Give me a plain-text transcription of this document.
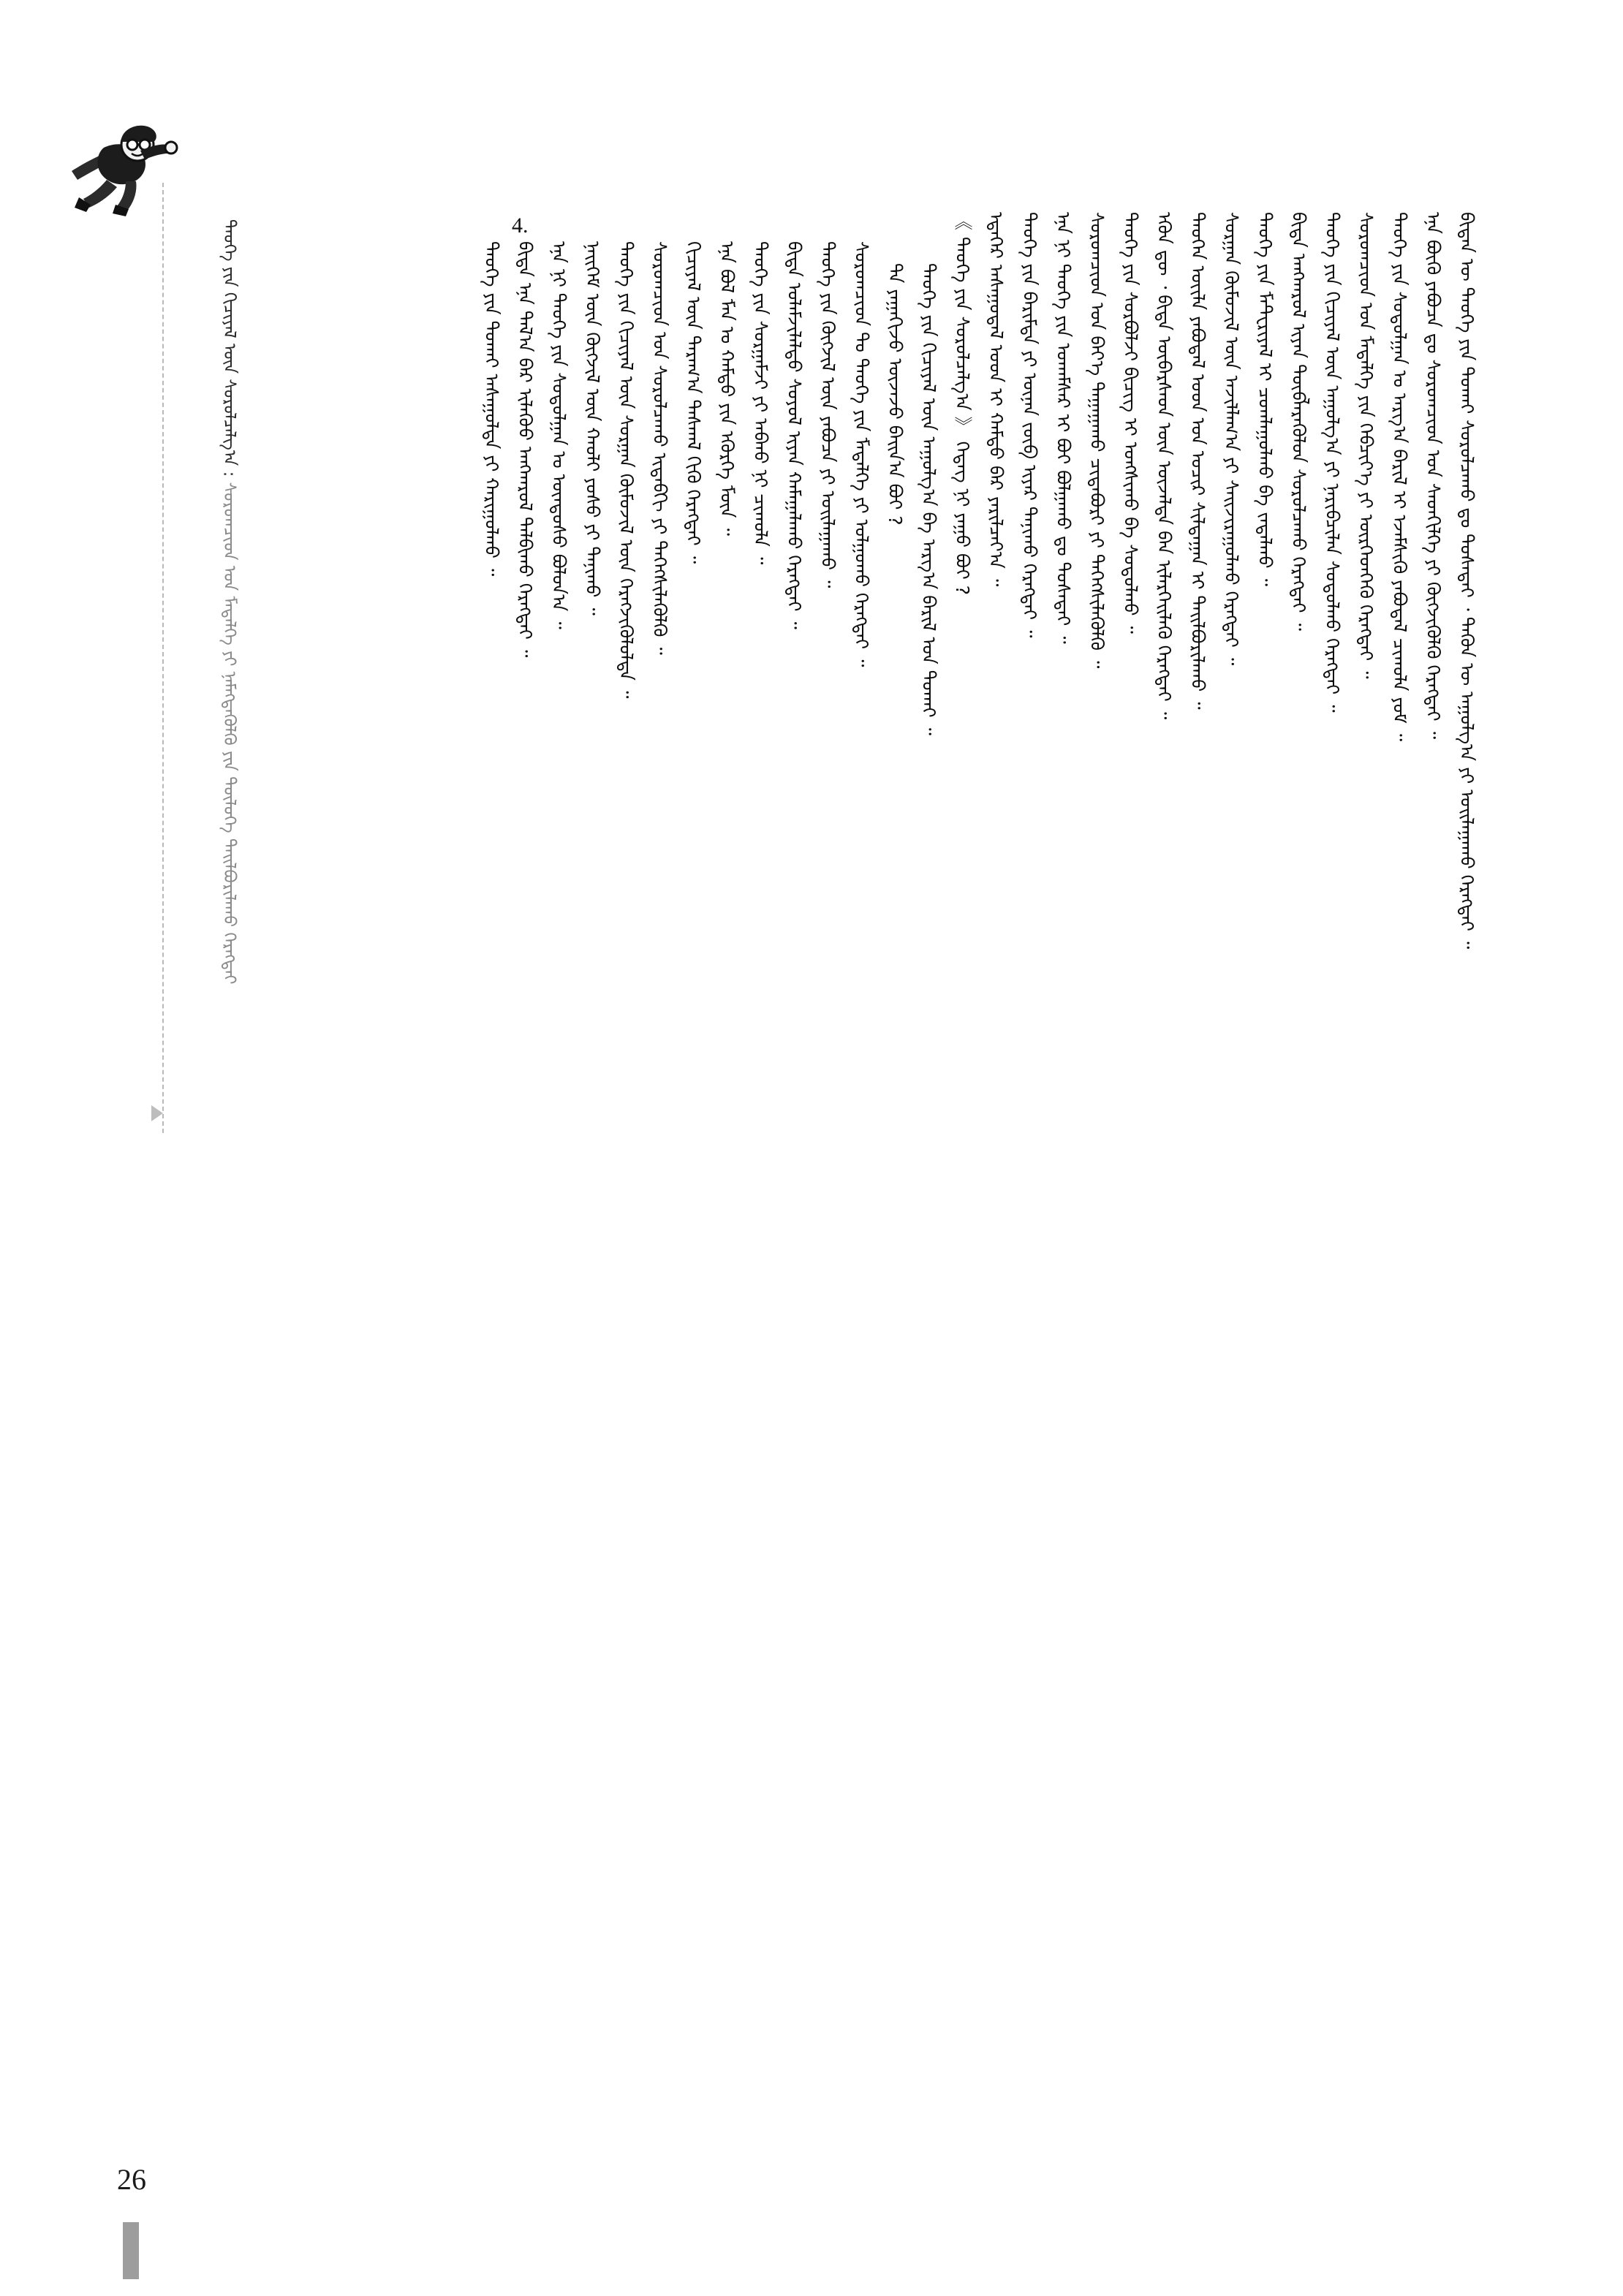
ᠲᠡᠦᠬᠡ ᠶᠢᠨ ᠬᠢᠴᠢᠶᠡᠯ ᠦᠨ ᠰᠤᠷᠤᠯᠴᠠᠯᠭ᠎ᠠ : ᠰᠤᠷᠤᠭᠴᠢᠳ ᠤᠨ ᠮᠡᠳᠡᠯᠭᠡ ᠶᠢ ᠨᠡᠮᠡᠭᠳᠡᠭᠦᠯᠬᠦ ᠶᠢᠨ ᠲᠥᠯᠥᠭᠡ ᠲᠠᠢᠯᠪᠤᠷᠢᠯᠠᠬᠤ ᠬᠡᠷᠡᠭᠲᠡᠢ
4.	ᠪᠢᠳᠡᠨ ᠦ ᠲᠡᠦᠬᠡ ᠶᠢᠨ ᠲᠤᠬᠠᠢ ᠰᠤᠷᠤᠯᠴᠠᠬᠤ ᠳᠤ ᠲᠤᠰᠠᠲᠠᠢ ᠂ ᠲᠡᠭᠦᠨ ᠦ ᠠᠭᠤᠯᠭ᠎ᠠ ᠶᠢ ᠤᠢᠯᠠᠭᠠᠬᠤ ᠬᠡᠷᠡᠭᠲᠡᠢ ᠃
ᠡᠨᠡ ᠪᠦᠬᠦ ᠶᠠᠪᠤᠴᠠ ᠳᠤ ᠰᠤᠷᠤᠭᠴᠢᠳ ᠤᠨ ᠰᠡᠳᠬᠢᠯᠭᠡ ᠶᠢ ᠬᠥᠭᠵᠢᠭᠦᠯᠬᠦ ᠬᠡᠷᠡᠭᠲᠡᠢ ᠃
ᠲᠡᠦᠬᠡ ᠶᠢᠨ ᠰᠤᠳᠤᠯᠭᠠᠨ ᠤ ᠠᠷᠭ᠎ᠠ ᠪᠠᠷᠢᠯ ᠢ ᠡᠵᠡᠮᠰᠢᠬᠦ ᠶᠠᠪᠤᠳᠠᠯ ᠴᠢᠬᠤᠯᠠ ᠶᠤᠮ ᠃
ᠰᠤᠷᠤᠭᠴᠢᠳ ᠤᠨ ᠮᠡᠳᠡᠯᠭᠡ ᠶᠢᠨ ᠬᠡᠪᠴᠢᠶ᠎ᠡ ᠶᠢ ᠥᠷᠭᠡᠳᠬᠡᠬᠦ ᠬᠡᠷᠡᠭᠲᠡᠢ ᠃
ᠲᠡᠦᠬᠡ ᠶᠢᠨ ᠬᠢᠴᠢᠶᠡᠯ ᠦᠨ ᠠᠭᠤᠯᠭ᠎ᠠ ᠶᠢ ᠨᠠᠷᠢᠪᠴᠢᠯᠠᠨ ᠰᠤᠳᠤᠯᠬᠤ ᠬᠡᠷᠡᠭᠲᠡᠢ ᠃
ᠪᠢᠳᠡ ᠠᠩᠬᠠᠷᠤᠯ ᠢᠶᠠᠨ ᠲᠥᠪᠯᠡᠷᠡᠭᠦᠯᠦᠨ ᠰᠤᠷᠤᠯᠴᠠᠬᠤ ᠬᠡᠷᠡᠭᠲᠡᠢ ᠃
ᠲᠡᠦᠬᠡ ᠶᠢᠨ ᠮᠠᠲ᠋ᠧᠷᠢᠶᠠᠯ ᠢ ᠴᠤᠭᠯᠠᠭᠤᠯᠬᠤ ᠪᠠ ᠵᠠᠳᠠᠯᠬᠤ ᠃
ᠰᠤᠷᠭᠠᠨ ᠬᠥᠮᠦᠵᠢᠯ ᠦᠨ ᠠᠵᠢᠯᠯᠠᠭ᠎ᠠ ᠶᠢ ᠰᠠᠢᠵᠢᠷᠠᠭᠤᠯᠬᠤ ᠬᠡᠷᠡᠭᠲᠡᠢ ᠃
ᠲᠡᠦᠬᠡᠨ ᠦᠢᠯᠡ ᠶᠠᠪᠤᠳᠠᠯ ᠤᠳ ᠤᠨ ᠤᠴᠢᠷ ᠰᠢᠯᠲᠠᠭᠠᠨ ᠢ ᠲᠠᠢᠯᠪᠤᠷᠢᠯᠠᠬᠤ ᠃
ᠡᠭᠦᠨ ᠳᠦ ᠂ ᠪᠢᠳᠡ ᠥᠪᠡᠷᠰᠡᠳ ᠦᠨ ᠦᠵᠡᠯᠲᠡ ᠪᠡᠨ ᠢᠯᠡᠷᠬᠡᠢᠯᠡᠬᠦ ᠬᠡᠷᠡᠭᠲᠡᠢ ᠃
ᠲᠡᠦᠬᠡ ᠶᠢᠨ ᠰᠤᠷᠪᠤᠯᠵᠢ ᠪᠢᠴᠢᠭ ᠢ ᠤᠩᠰᠢᠬᠤ ᠪᠠ ᠰᠤᠳᠤᠯᠬᠤ ᠃
ᠰᠤᠷᠤᠭᠴᠢᠳ ᠤᠨ ᠪᠡᠶ᠎ᠡ ᠳᠠᠭᠠᠭᠠᠬᠤ ᠴᠢᠳᠠᠪᠤᠷᠢ ᠶᠢ ᠳᠡᠭᠡᠭᠰᠢᠯᠡᠭᠦᠯᠬᠦ ᠃
ᠡᠨᠡ ᠨᠢ ᠲᠡᠦᠬᠡ ᠶᠢᠨ ᠤᠬᠠᠮᠰᠠᠷ ᠢ ᠪᠤᠢ ᠪᠣᠯᠭᠠᠬᠤ ᠳᠤ ᠲᠤᠰᠠᠲᠠᠢ ᠃
ᠲᠡᠦᠬᠡ ᠶᠢᠨ ᠪᠠᠷᠢᠮᠲᠠ ᠶᠢ ᠦᠨᠡᠨ ᠵᠥᠪ ᠢᠶᠡᠷ ᠲᠠᠨᠢᠬᠤ ᠬᠡᠷᠡᠭᠲᠡᠢ ᠃
ᠡᠳᠡᠭᠡᠷ ᠠᠰᠠᠭᠤᠳᠠᠯ ᠤᠳ ᠢ ᠬᠠᠮᠲᠤ ᠪᠠᠷ ᠶᠠᠷᠢᠯᠴᠠᠶ᠎ᠠ ᠃
《 ᠲᠡᠦᠬᠡ ᠶᠢᠨ ᠰᠤᠷᠤᠯᠴᠠᠯᠭ᠎ᠠ 》 ᠭᠡᠳᠡᠭ ᠨᠢ ᠶᠠᠭᠤ ᠪᠤᠢ ?
ᠲᠡᠦᠬᠡ ᠶᠢᠨ ᠬᠢᠴᠢᠶᠡᠯ ᠦᠨ ᠠᠭᠤᠯᠭ᠎ᠠ ᠪᠠ ᠠᠷᠭ᠎ᠠ ᠪᠠᠷᠢᠯ ᠤᠨ ᠲᠤᠬᠠᠢ ᠃
ᠲᠠ ᠶᠠᠭᠠᠬᠢᠵᠤ ᠦᠵᠡᠵᠦ ᠪᠠᠢᠨ᠎ᠠ ᠪᠤᠢ ?
ᠰᠤᠷᠤᠭᠴᠢᠳ ᠲᠤ ᠲᠡᠦᠬᠡ ᠶᠢᠨ ᠮᠡᠳᠡᠯᠭᠡ ᠶᠢ ᠣᠯᠭᠤᠬᠤ ᠬᠡᠷᠡᠭᠲᠡᠢ ᠃
ᠲᠡᠦᠬᠡ ᠶᠢᠨ ᠬᠥᠭᠵᠢᠯ ᠦᠨ ᠶᠠᠪᠤᠴᠠ ᠶᠢ ᠣᠢᠯᠠᠭᠠᠬᠤ ᠃
ᠪᠢᠳᠡ ᠤᠯᠠᠮᠵᠢᠯᠠᠯᠲᠤ ᠰᠤᠶᠤᠯ ᠢᠶᠠᠨ ᠬᠠᠮᠠᠭᠠᠯᠠᠬᠤ ᠬᠡᠷᠡᠭᠲᠡᠢ ᠃
ᠲᠡᠦᠬᠡ ᠶᠢᠨ ᠰᠤᠷᠭᠠᠮᠵᠢ ᠶᠢ ᠠᠪᠬᠤ ᠨᠢ ᠴᠢᠬᠤᠯᠠ ᠃
ᠡᠨᠡ ᠪᠣᠯ ᠮᠠᠨ ᠤ ᠬᠠᠮᠲᠤ ᠶᠢᠨ ᠡᠭᠦᠷᠭᠡ ᠮᠥᠨ ᠃
ᠬᠢᠴᠢᠶᠡᠯ ᠦᠨ ᠳᠠᠷᠠᠭ᠎ᠠ ᠳᠠᠰᠬᠠᠯ ᠬᠢᠬᠦ ᠬᠡᠷᠡᠭᠲᠡᠢ ᠃
ᠰᠤᠷᠤᠭᠴᠢᠳ ᠤᠨ ᠰᠤᠷᠤᠯᠴᠠᠬᠤ ᠢᠳᠡᠪᠬᠢ ᠶᠢ ᠳᠡᠭᠡᠭᠰᠢᠯᠡᠭᠦᠯᠬᠦ ᠃
ᠲᠡᠦᠬᠡ ᠶᠢᠨ ᠬᠢᠴᠢᠶᠡᠯ ᠦᠨ ᠰᠤᠷᠭᠠᠨ ᠬᠥᠮᠦᠵᠢᠯ ᠦᠨ ᠬᠡᠷᠡᠭᠵᠢᠭᠦᠯᠦᠯᠲᠡ ᠃
ᠨᠡᠢᠭᠡᠮ ᠦᠨ ᠬᠥᠭᠵᠢᠯ ᠦᠨ ᠬᠠᠤᠯᠢ ᠶᠣᠰᠤ ᠶᠢ ᠲᠠᠨᠢᠬᠤ ᠃
ᠡᠨᠡ ᠨᠢ ᠲᠡᠦᠬᠡ ᠶᠢᠨ ᠰᠤᠳᠤᠯᠭᠠᠨ ᠤ ᠦᠨᠳᠦᠰᠦ ᠪᠣᠯᠤᠨ᠎ᠠ ᠃
ᠪᠢᠳᠡ ᠡᠨᠡ ᠲᠠᠯ᠎ᠠ ᠪᠠᠷ ᠢᠯᠡᠭᠦᠦ ᠠᠩᠬᠠᠷᠤᠯ ᠲᠠᠯᠪᠢᠬᠤ ᠬᠡᠷᠡᠭᠲᠡᠢ ᠃
ᠲᠡᠦᠬᠡ ᠶᠢᠨ ᠲᠤᠬᠠᠢ ᠠᠰᠠᠭᠤᠯᠲᠠ ᠶᠢ ᠬᠠᠷᠢᠭᠤᠯᠬᠤ ᠃
26
